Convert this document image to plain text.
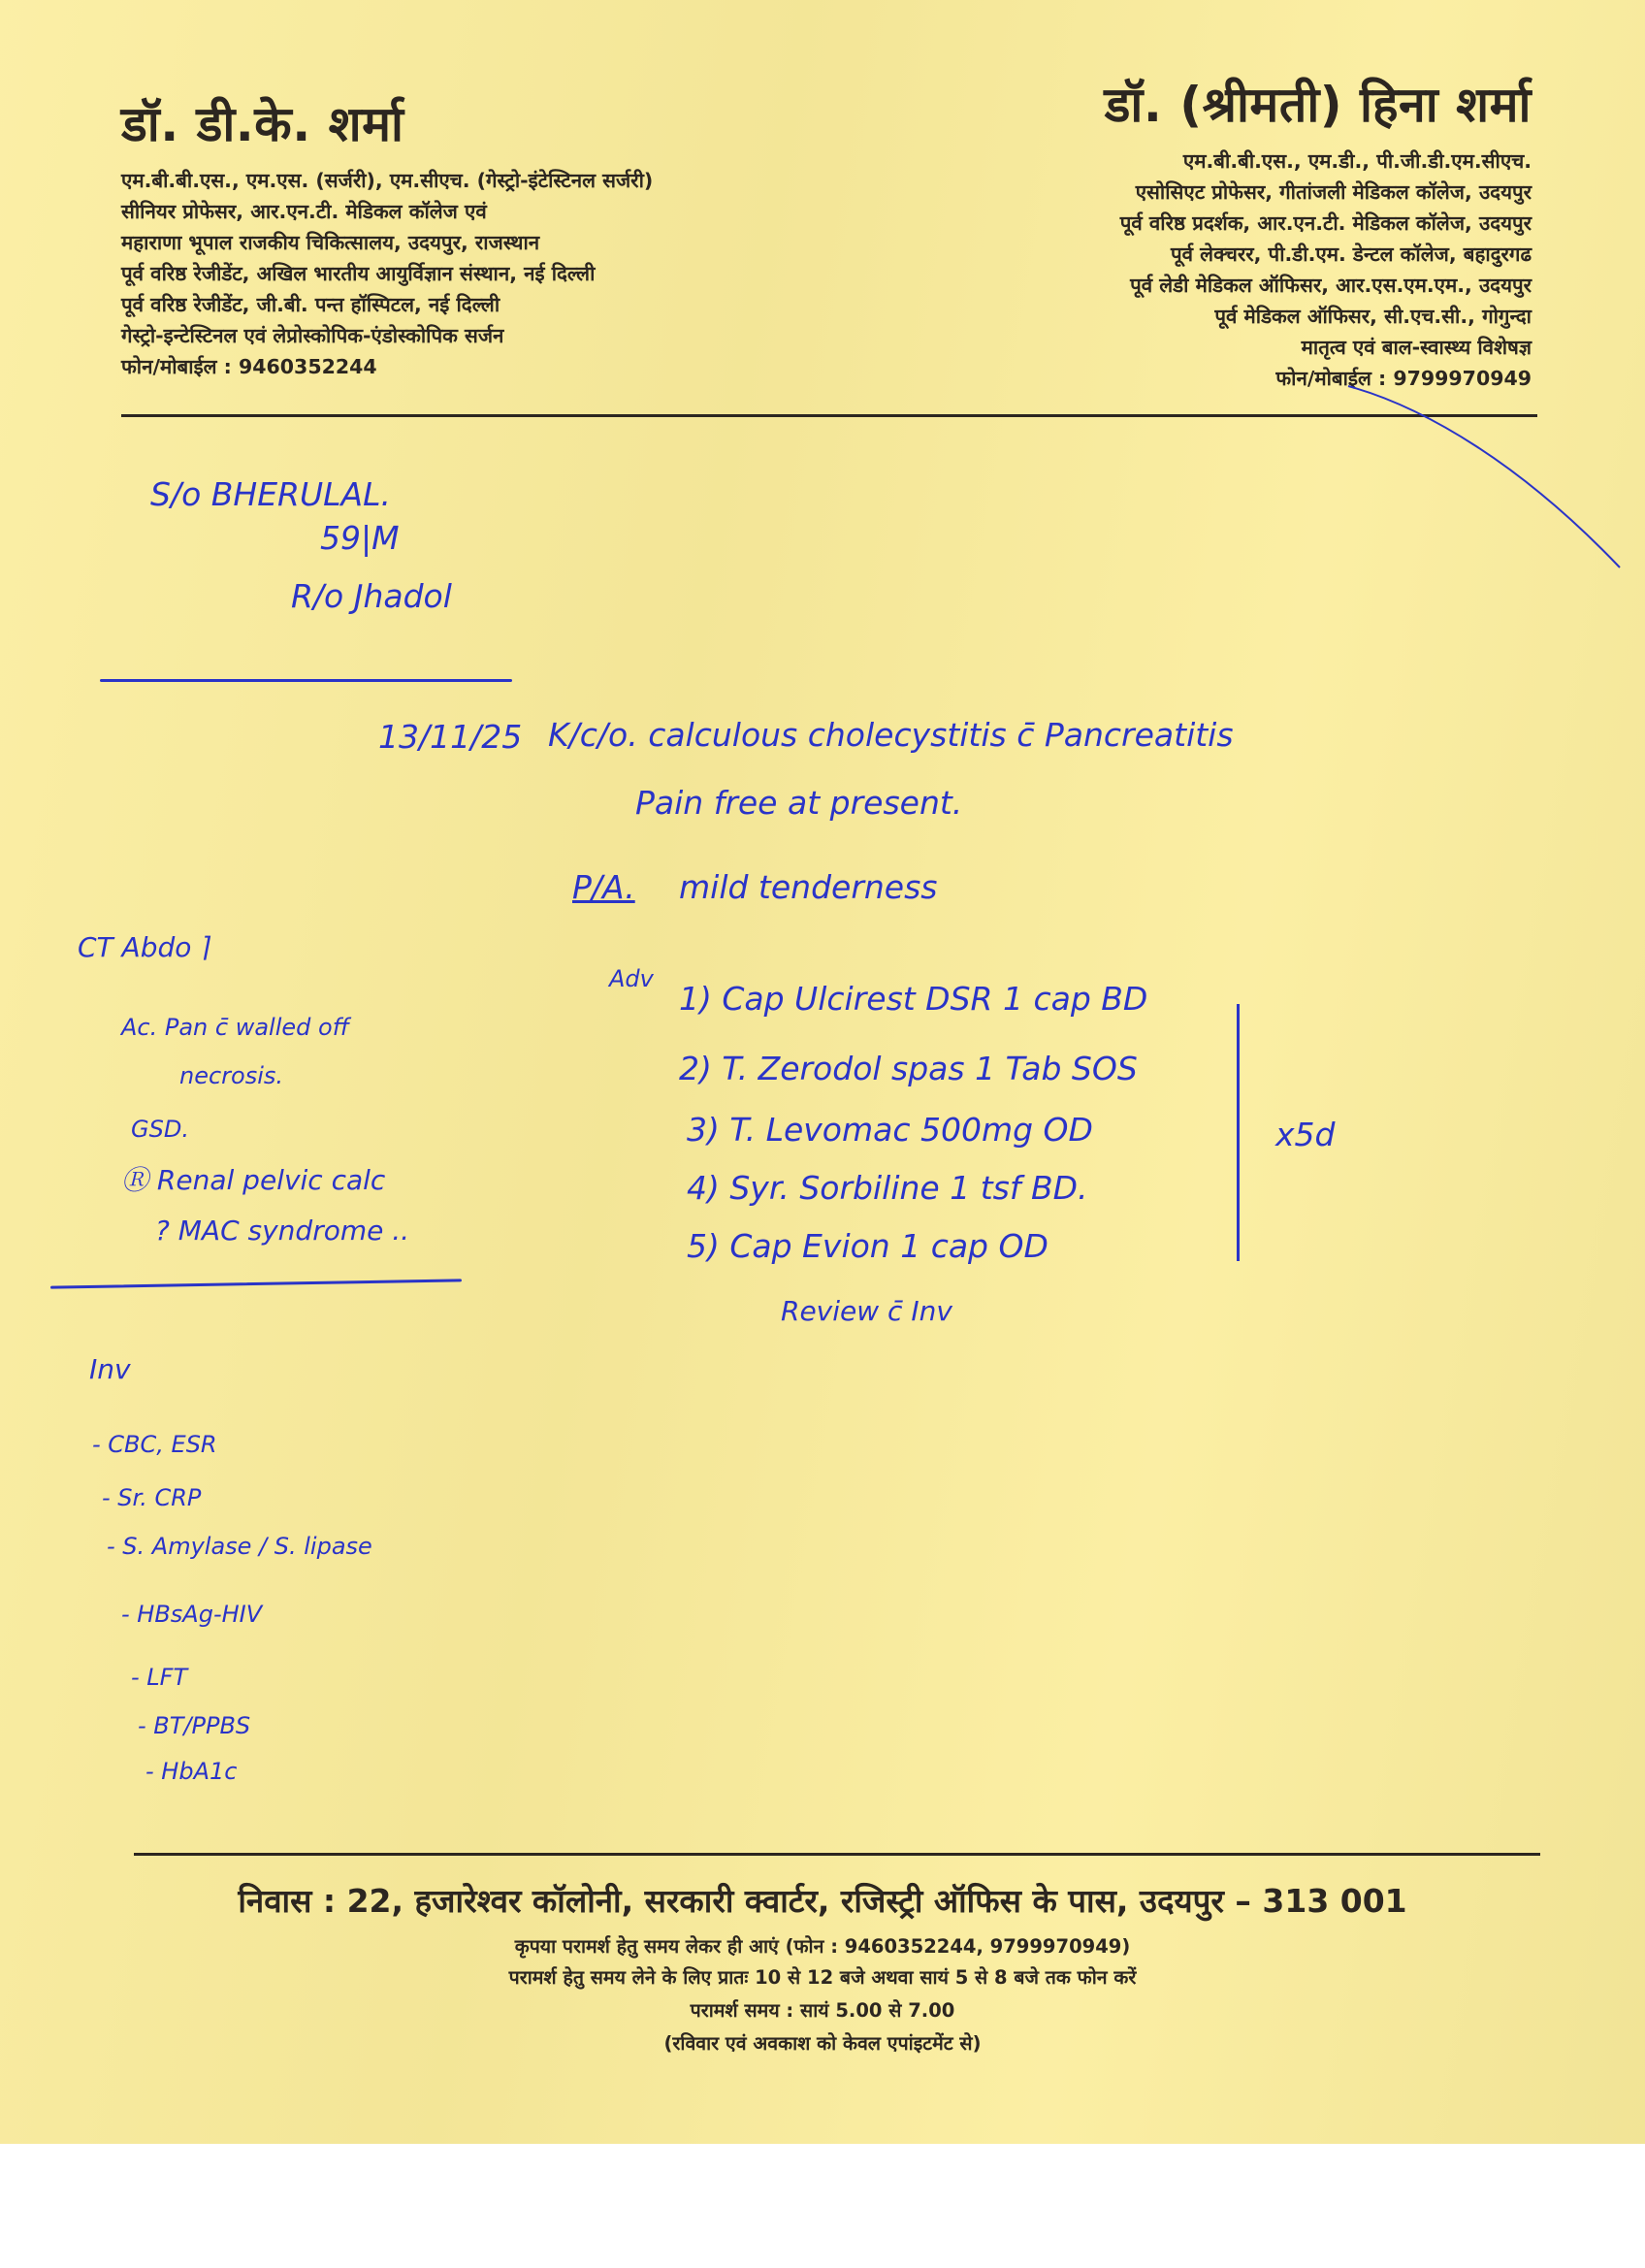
डॉ. डी.के. शर्मा
एम.बी.बी.एस., एम.एस. (सर्जरी), एम.सीएच. (गेस्ट्रो-इंटेस्टिनल सर्जरी)
सीनियर प्रोफेसर, आर.एन.टी. मेडिकल कॉलेज एवं
महाराणा भूपाल राजकीय चिकित्सालय, उदयपुर, राजस्थान
पूर्व वरिष्ठ रेजीडेंट, अखिल भारतीय आयुर्विज्ञान संस्थान, नई दिल्ली
पूर्व वरिष्ठ रेजीडेंट, जी.बी. पन्त हॉस्पिटल, नई दिल्ली
गेस्ट्रो-इन्टेस्टिनल एवं लेप्रोस्कोपिक-एंडोस्कोपिक सर्जन
फोन/मोबाईल : 9460352244
डॉ. (श्रीमती) हिना शर्मा
एम.बी.बी.एस., एम.डी., पी.जी.डी.एम.सीएच.
एसोसिएट प्रोफेसर, गीतांजली मेडिकल कॉलेज, उदयपुर
पूर्व वरिष्ठ प्रदर्शक, आर.एन.टी. मेडिकल कॉलेज, उदयपुर
पूर्व लेक्चरर, पी.डी.एम. डेन्टल कॉलेज, बहादुरगढ
पूर्व लेडी मेडिकल ऑफिसर, आर.एस.एम.एम., उदयपुर
पूर्व मेडिकल ऑफिसर, सी.एच.सी., गोगुन्दा
मातृत्व एवं बाल-स्वास्थ्य विशेषज्ञ
फोन/मोबाईल : 9799970949
S/o BHERULAL.
59|M
R/o Jhadol
13/11/25 K/c/o. calculous cholecystitis c̄ Pancreatitis
Pain free at present.
P/A. mild tenderness
CT Abdo ⌉
Ac. Pan c̄ walled off
necrosis.
GSD.
Ⓡ Renal pelvic calc
? MAC syndrome ..
Adv
1) Cap Ulcirest DSR 1 cap BD
2) T. Zerodol spas 1 Tab SOS
3) T. Levomac 500mg OD
4) Syr. Sorbiline 1 tsf BD.
5) Cap Evion 1 cap OD
x5d
Review c̄ Inv
Inv
- CBC, ESR
- Sr. CRP
- S. Amylase / S. lipase
- HBsAg-HIV
- LFT
- BT/PPBS
- HbA1c
निवास : 22, हजारेश्वर कॉलोनी, सरकारी क्वार्टर, रजिस्ट्री ऑफिस के पास, उदयपुर – 313 001
कृपया परामर्श हेतु समय लेकर ही आएं (फोन : 9460352244, 9799970949)
परामर्श हेतु समय लेने के लिए प्रातः 10 से 12 बजे अथवा सायं 5 से 8 बजे तक फोन करें
परामर्श समय : सायं 5.00 से 7.00
(रविवार एवं अवकाश को केवल एपांइटमेंट से)
